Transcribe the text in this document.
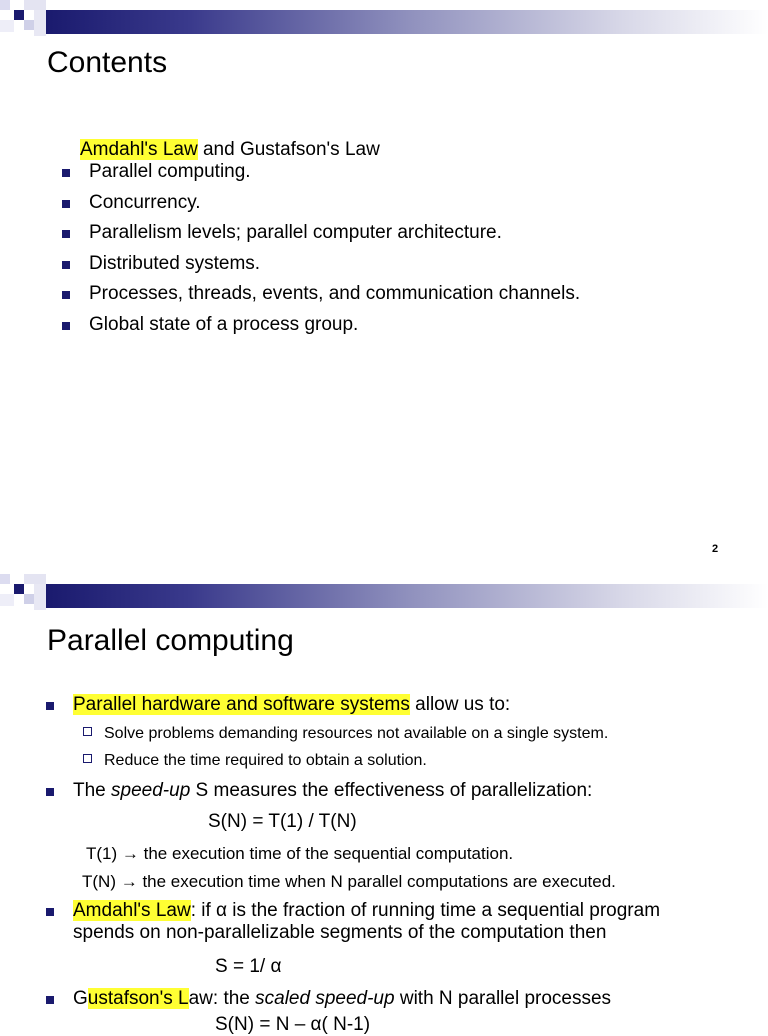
Contents
Amdahl's Law and Gustafson's Law
Parallel computing.
Concurrency.
Parallelism levels; parallel computer architecture.
Distributed systems.
Processes, threads, events, and communication channels.
Global state of a process group.
2
Parallel computing
Parallel hardware and software systems allow us to:
Solve problems demanding resources not available on a single system.
Reduce the time required to obtain a solution.
The speed-up S measures the effectiveness of parallelization:
S(N) = T(1) / T(N)
T(1) → the execution time of the sequential computation.
T(N) → the execution time when N parallel computations are executed.
Amdahl's Law: if α is the fraction of running time a sequential program
spends on non-parallelizable segments of the computation then
S = 1/ α
Gustafson's Law: the scaled speed-up with N parallel processes
S(N) = N – α( N-1)
